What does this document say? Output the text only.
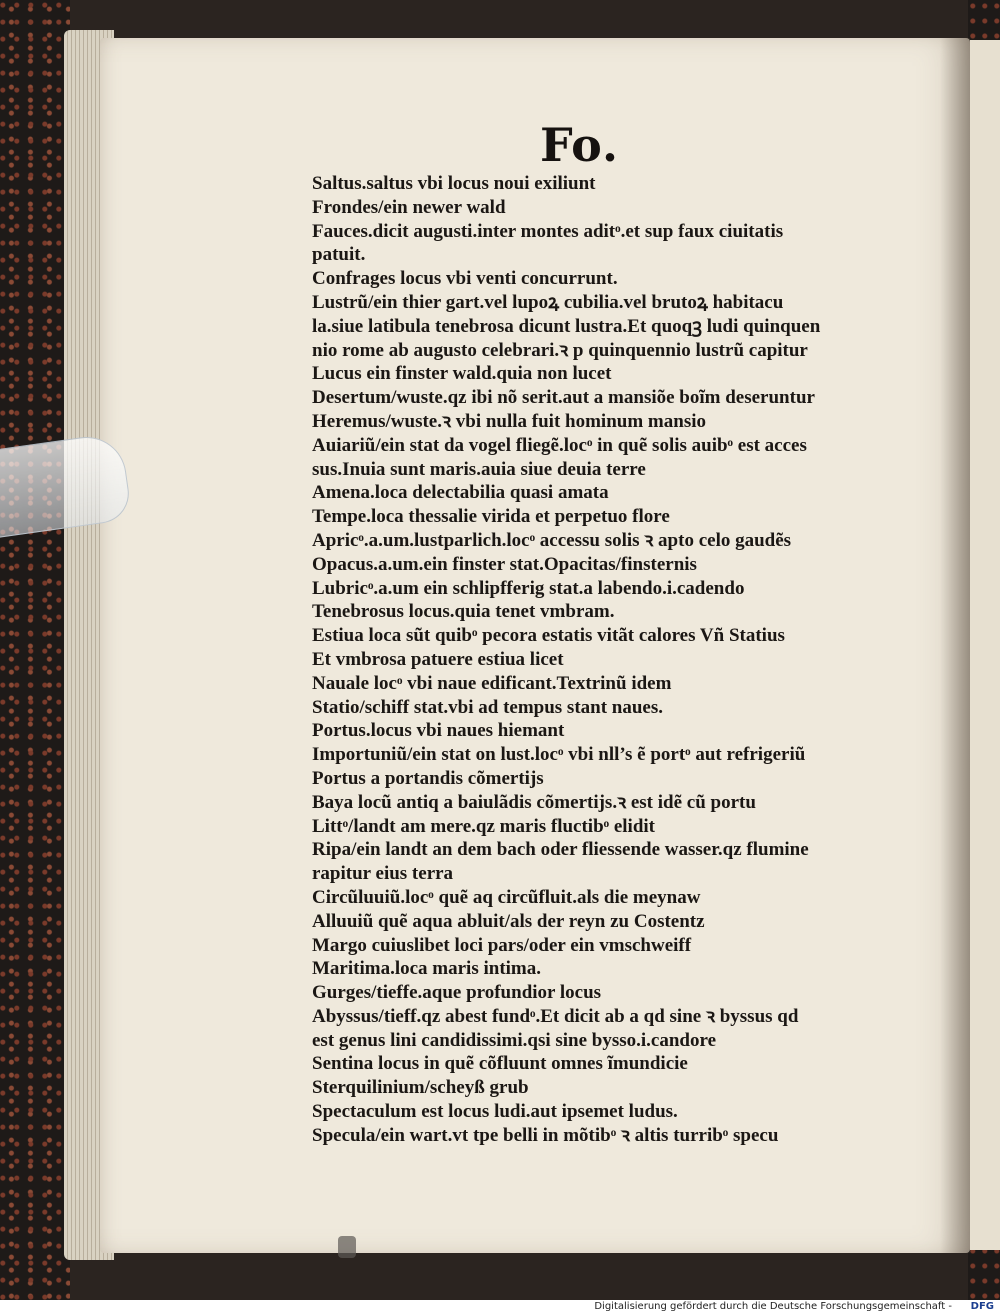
Fo.
Saltus.saltus vbi locus noui exiliunt
Frondes/ein newer wald
Fauces.dicit augusti.inter montes aditᵒ.et sup faux ciuitatis
patuit.
Confrages locus vbi venti concurrunt.
Lustrũ/ein thier gart.vel lupoꝝ cubilia.vel brutoꝝ habitacu
la.siue latibula tenebrosa dicunt lustra.Et quoqꝫ ludi quinquen
nio rome ab augusto celebrari.ꝛ p quinquennio lustrũ capitur
Lucus ein finster wald.quia non lucet
Desertum/wuste.qz ibi nõ serit.aut a mansiõe boĩm deseruntur
Heremus/wuste.ꝛ vbi nulla fuit hominum mansio
Auiariũ/ein stat da vogel fliegẽ.locᵒ in quẽ solis auibᵒ est acces
sus.Inuia sunt maris.auia siue deuia terre
Amena.loca delectabilia quasi amata
Tempe.loca thessalie virida et perpetuo flore
Apricᵒ.a.um.lustparlich.locᵒ accessu solis ꝛ apto celo gaudẽs
Opacus.a.um.ein finster stat.Opacitas/finsternis
Lubricᵒ.a.um ein schlipfferig stat.a labendo.i.cadendo
Tenebrosus locus.quia tenet vmbram.
Estiua loca sũt quibᵒ pecora estatis vitãt calores Vñ Statius
Et vmbrosa patuere estiua licet
Nauale locᵒ vbi naue edificant.Textrinũ idem
Statio/schiff stat.vbi ad tempus stant naues.
Portus.locus vbi naues hiemant
Importuniũ/ein stat on lust.locᵒ vbi nll’s ẽ portᵒ aut refrigeriũ
Portus a portandis cõmertijs
Baya locũ antiq a baiulãdis cõmertijs.ꝛ est idẽ cũ portu
Littᵒ/landt am mere.qz maris fluctibᵒ elidit
Ripa/ein landt an dem bach oder fliessende wasser.qz flumine
rapitur eius terra
Circũluuiũ.locᵒ quẽ aq circũfluit.als die meynaw
Alluuiũ quẽ aqua abluit/als der reyn zu Costentz
Margo cuiuslibet loci pars/oder ein vmschweiff
Maritima.loca maris intima.
Gurges/tieffe.aque profundior locus
Abyssus/tieff.qz abest fundᵒ.Et dicit ab a qd sine ꝛ byssus qd
est genus lini candidissimi.qsi sine bysso.i.candore
Sentina locus in quẽ cõfluunt omnes ĩmundicie
Sterquilinium/scheyß grub
Spectaculum est locus ludi.aut ipsemet ludus.
Specula/ein wart.vt tpe belli in mõtibᵒ ꝛ altis turribᵒ specu
Digitalisierung gefördert durch die Deutsche Forschungsgemeinschaft - DFG
